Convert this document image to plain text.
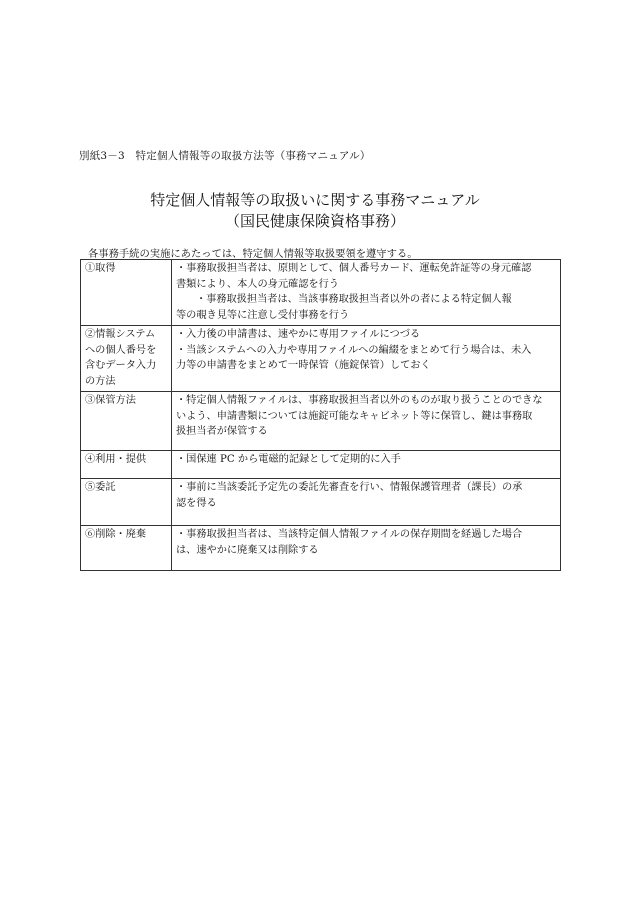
別紙3－3　特定個人情報等の取扱方法等（事務マニュアル）
特定個人情報等の取扱いに関する事務マニュアル
（国民健康保険資格事務）
各事務手続の実施にあたっては、特定個人情報等取扱要領を遵守する。
①取得	・事務取扱担当者は、原則として、個人番号カード、運転免許証等の身元確認
書類により、本人の身元確認を行う
・事務取扱担当者は、当該事務取扱担当者以外の者による特定個人報
等の覗き見等に注意し受付事務を行う

②情報システム
への個人番号を
含むデータ入力
の方法	・入力後の申請書は、速やかに専用ファイルにつづる
・当該システムへの入力や専用ファイルへの編綴をまとめて行う場合は、未入
力等の申請書をまとめて一時保管（施錠保管）しておく

③保管方法	・特定個人情報ファイルは、事務取扱担当者以外のものが取り扱うことのできな
いよう、申請書類については施錠可能なキャビネット等に保管し、鍵は事務取
扱担当者が保管する

④利用・提供	・国保連 PC から電磁的記録として定期的に入手

⑤委託	・事前に当該委託予定先の委託先審査を行い、情報保護管理者（課長）の承
認を得る

⑥削除・廃棄	・事務取扱担当者は、当該特定個人情報ファイルの保存期間を経過した場合
は、速やかに廃棄又は削除する
